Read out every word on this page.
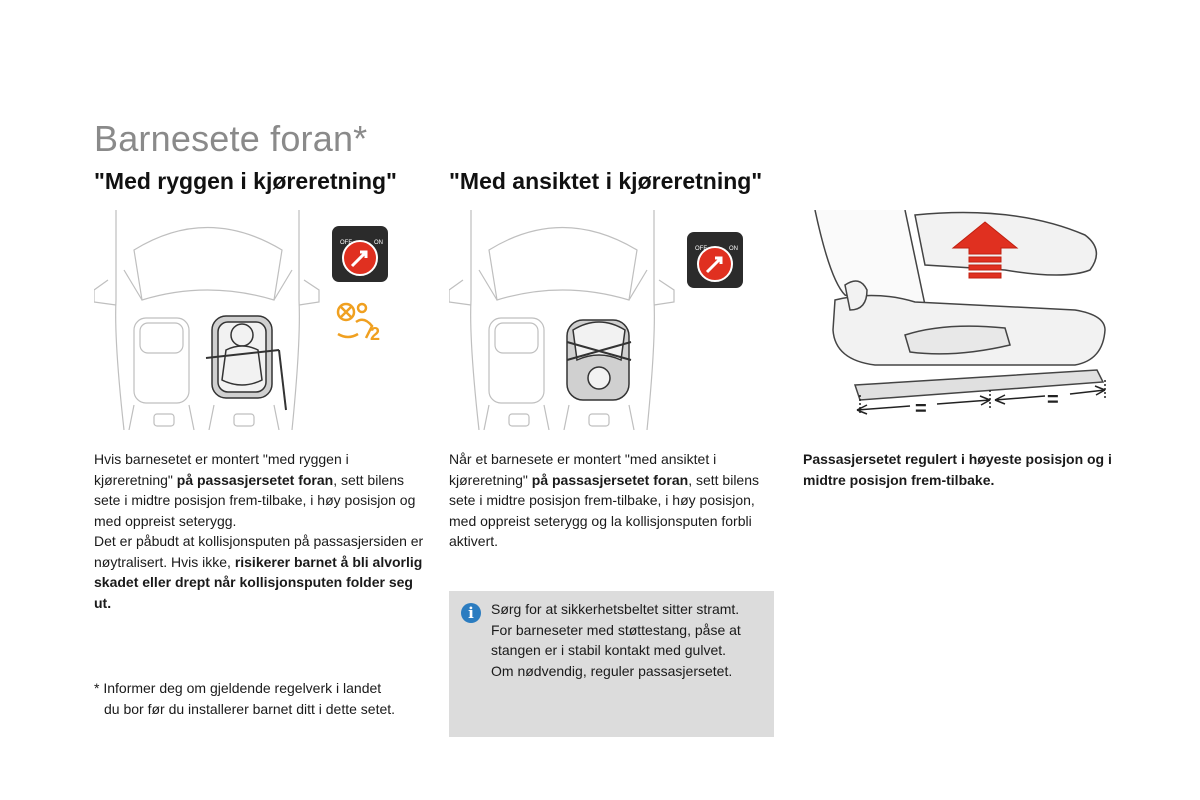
Barnesete foran*
"Med ryggen i kjøreretning" "Med ansiktet i kjøreretning"
OFF	ON
2
OFF	ON
=	=
Hvis barnesetet er montert "med ryggen i kjøreretning" på passasjersetet foran, sett bilens sete i midtre posisjon frem-tilbake, i høy posisjon og med oppreist seterygg.
Det er påbudt at kollisjonsputen på passasjersiden er nøytralisert. Hvis ikke, risikerer barnet å bli alvorlig skadet eller drept når kollisjonsputen folder seg ut.
Når et barnesete er montert "med ansiktet i kjøreretning" på passasjersetet foran, sett bilens sete i midtre posisjon frem-tilbake, i høy posisjon, med oppreist seterygg og la kollisjonsputen forbli aktivert.
Passasjersetet regulert i høyeste posisjon og i midtre posisjon frem-tilbake.
* Informer deg om gjeldende regelverk i landet
du bor før du installerer barnet ditt i dette setet.
i	Sørg for at sikkerhetsbeltet sitter stramt.
For barneseter med støttestang, påse at stangen er i stabil kontakt med gulvet. Om nødvendig, reguler passasjersetet.
